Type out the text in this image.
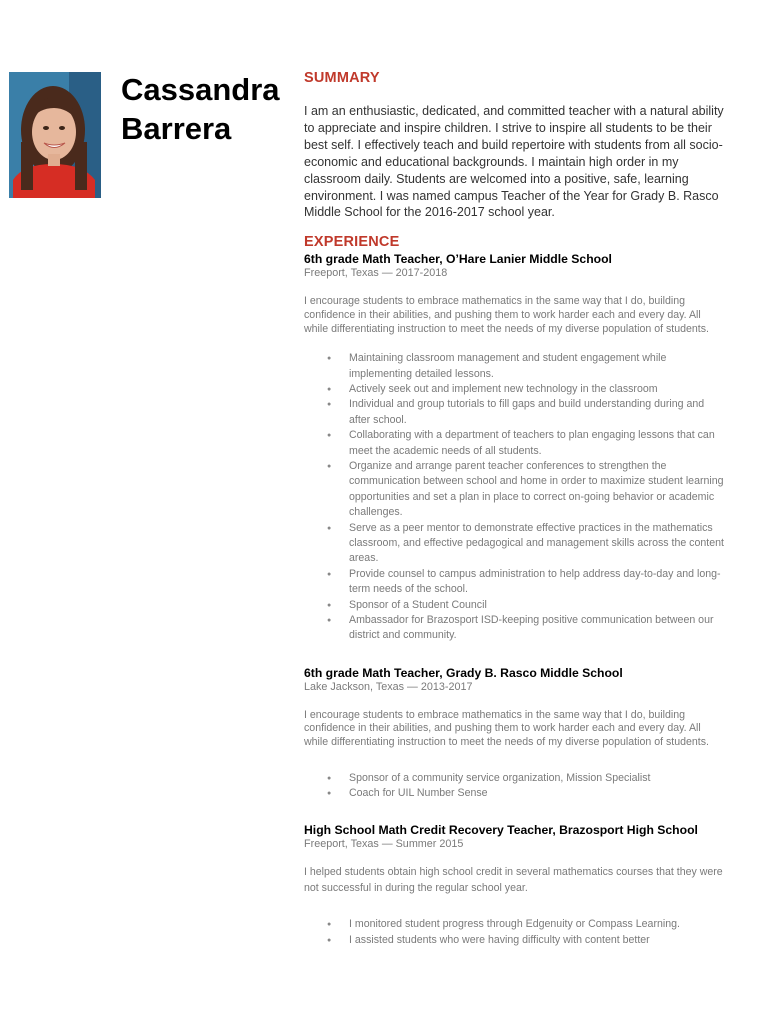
Cassandra
Barrera
SUMMARY

I am an enthusiastic, dedicated, and committed teacher with a natural ability to appreciate and inspire children. I strive to inspire all students to be their best self. I effectively teach and build repertoire with students from all socio-economic and educational backgrounds. I maintain high order in my classroom daily. Students are welcomed into a positive, safe, learning environment. I was named campus Teacher of the Year for Grady B. Rasco Middle School for the 2016-2017 school year.

EXPERIENCE

6th grade Math Teacher, O’Hare Lanier Middle School

Freeport, Texas — 2017-2018

I encourage students to embrace mathematics in the same way that I do, building confidence in their abilities, and pushing them to work harder each and every day. All while differentiating instruction to meet the needs of my diverse population of students.

● Maintaining classroom management and student engagement while implementing detailed lessons.
● Actively seek out and implement new technology in the classroom
● Individual and group tutorials to fill gaps and build understanding during and after school.
● Collaborating with a department of teachers to plan engaging lessons that can meet the academic needs of all students.
● Organize and arrange parent teacher conferences to strengthen the communication between school and home in order to maximize student learning opportunities and set a plan in place to correct on-going behavior or academic challenges.
● Serve as a peer mentor to demonstrate effective practices in the mathematics classroom, and effective pedagogical and management skills across the content areas.
● Provide counsel to campus administration to help address day-to-day and long-term needs of the school.
● Sponsor of a Student Council
● Ambassador for Brazosport ISD-keeping positive communication between our district and community.

6th grade Math Teacher, Grady B. Rasco Middle School

Lake Jackson, Texas — 2013-2017

I encourage students to embrace mathematics in the same way that I do, building confidence in their abilities, and pushing them to work harder each and every day. All while differentiating instruction to meet the needs of my diverse population of students.

● Sponsor of a community service organization, Mission Specialist
● Coach for UIL Number Sense

High School Math Credit Recovery Teacher, Brazosport High School

Freeport, Texas — Summer 2015

I helped students obtain high school credit in several mathematics courses that they were not successful in during the regular school year.

● I monitored student progress through Edgenuity or Compass Learning.
● I assisted students who were having difficulty with content better
